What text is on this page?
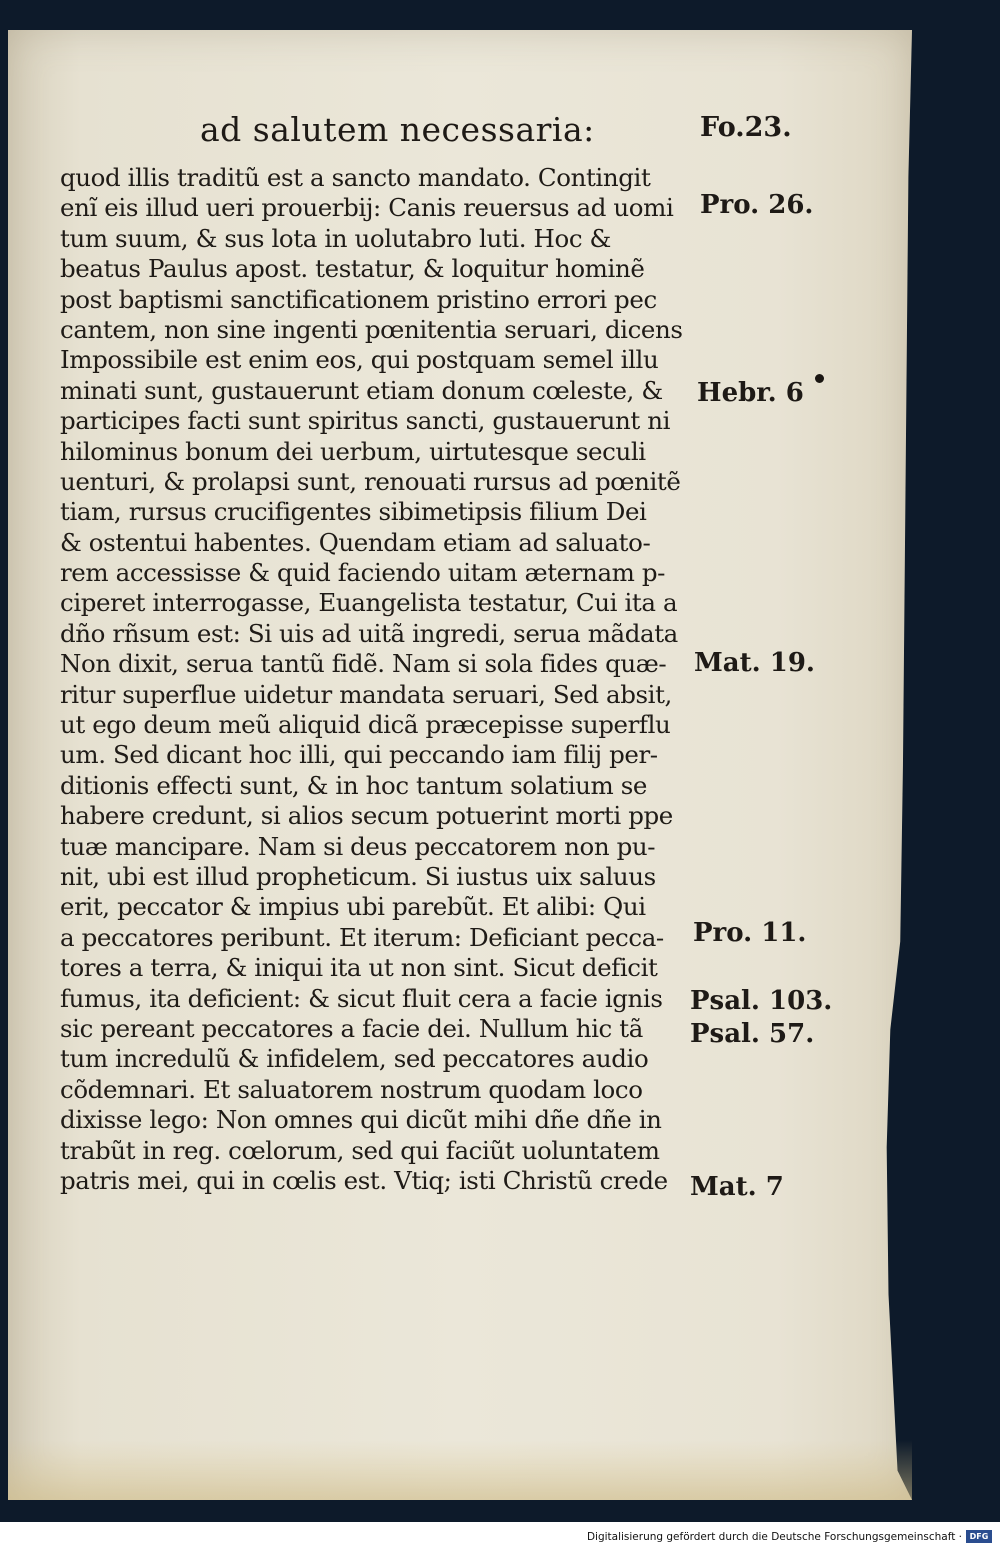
ad salutem necessaria:	Fo.23.
quod illis traditũ est a sancto mandato. Contingit
enĩ eis illud ueri prouerbij: Canis reuersus ad uomi
tum suum, & sus lota in uolutabro luti. Hoc &
beatus Paulus apost. testatur, & loquitur hominẽ
post baptismi sanctificationem pristino errori pec
cantem, non sine ingenti pœnitentia seruari, dicens
Impossibile est enim eos, qui postquam semel illu
minati sunt, gustauerunt etiam donum cœleste, &
participes facti sunt spiritus sancti, gustauerunt ni
hilominus bonum dei uerbum, uirtutesque seculi
uenturi, & prolapsi sunt, renouati rursus ad pœnitẽ
tiam, rursus crucifigentes sibimetipsis filium Dei
& ostentui habentes. Quendam etiam ad saluato-
rem accessisse & quid faciendo uitam æternam p-
ciperet interrogasse, Euangelista testatur, Cui ita a
dño rñsum est: Si uis ad uitã ingredi, serua mãdata
Non dixit, serua tantũ fidẽ. Nam si sola fides quæ-
ritur superflue uidetur mandata seruari, Sed absit,
ut ego deum meũ aliquid dicã præcepisse superflu
um. Sed dicant hoc illi, qui peccando iam filij per-
ditionis effecti sunt, & in hoc tantum solatium se
habere credunt, si alios secum potuerint morti ppe
tuæ mancipare. Nam si deus peccatorem non pu-
nit, ubi est illud propheticum. Si iustus uix saluus
erit, peccator & impius ubi parebũt. Et alibi: Qui
a peccatores peribunt. Et iterum: Deficiant pecca-
tores a terra, & iniqui ita ut non sint. Sicut deficit
fumus, ita deficient: & sicut fluit cera a facie ignis
sic pereant peccatores a facie dei. Nullum hic tã
tum incredulũ & infidelem, sed peccatores audio
cõdemnari. Et saluatorem nostrum quodam loco
dixisse lego: Non omnes qui dicũt mihi dñe dñe in
trabũt in reg. cœlorum, sed qui faciũt uoluntatem
patris mei, qui in cœlis est. Vtiq; isti Christũ crede
Pro. 26.
Hebr. 6
Mat. 19.
Pro. 11.
Psal. 103.
Psal. 57.
Mat. 7
Digitalisierung gefördert durch die Deutsche Forschungsgemeinschaft · DFG
